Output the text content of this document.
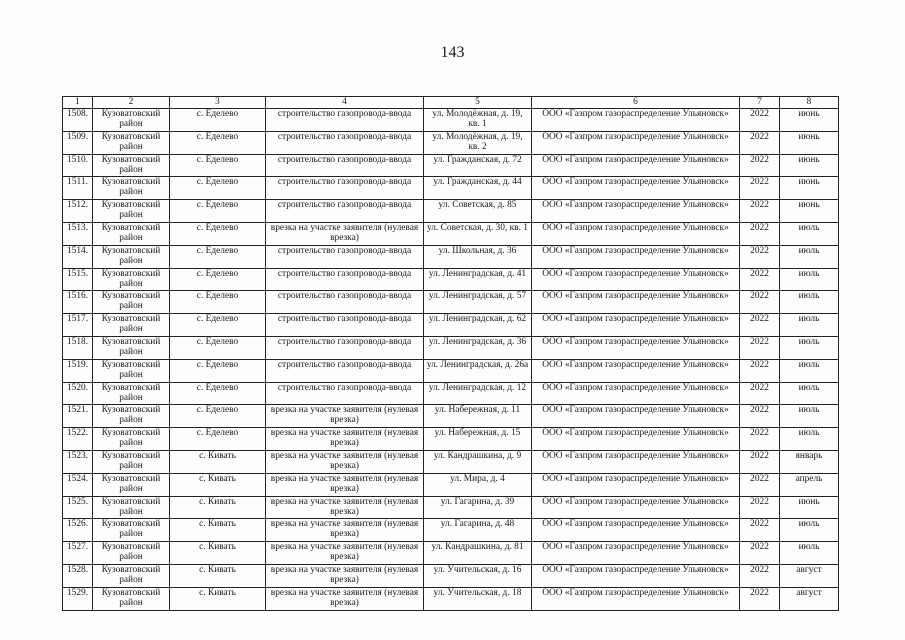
143
1	2	3	4	5	6	7	8
1508.	Кузоватовский район	с. Еделево	строительство газопровода-ввода	ул. Молодёжная, д. 19, кв. 1	ООО «Газпром газораспределение Ульяновск»	2022	июнь
1509.	Кузоватовский район	с. Еделево	строительство газопровода-ввода	ул. Молодёжная, д. 19, кв. 2	ООО «Газпром газораспределение Ульяновск»	2022	июнь
1510.	Кузоватовский район	с. Еделево	строительство газопровода-ввода	ул. Гражданская, д. 72	ООО «Газпром газораспределение Ульяновск»	2022	июнь
1511.	Кузоватовский район	с. Еделево	строительство газопровода-ввода	ул. Гражданская, д. 44	ООО «Газпром газораспределение Ульяновск»	2022	июнь
1512.	Кузоватовский район	с. Еделево	строительство газопровода-ввода	ул. Советская, д. 85	ООО «Газпром газораспределение Ульяновск»	2022	июнь
1513.	Кузоватовский район	с. Еделево	врезка на участке заявителя (нулевая врезка)	ул. Советская, д. 30, кв. 1	ООО «Газпром газораспределение Ульяновск»	2022	июль
1514.	Кузоватовский район	с. Еделево	строительство газопровода-ввода	ул. Школьная, д. 36	ООО «Газпром газораспределение Ульяновск»	2022	июль
1515.	Кузоватовский район	с. Еделево	строительство газопровода-ввода	ул. Ленинградская, д. 41	ООО «Газпром газораспределение Ульяновск»	2022	июль
1516.	Кузоватовский район	с. Еделево	строительство газопровода-ввода	ул. Ленинградская, д. 57	ООО «Газпром газораспределение Ульяновск»	2022	июль
1517.	Кузоватовский район	с. Еделево	строительство газопровода-ввода	ул. Ленинградская, д. 62	ООО «Газпром газораспределение Ульяновск»	2022	июль
1518.	Кузоватовский район	с. Еделево	строительство газопровода-ввода	ул. Ленинградская, д. 36	ООО «Газпром газораспределение Ульяновск»	2022	июль
1519.	Кузоватовский район	с. Еделево	строительство газопровода-ввода	ул. Ленинградская, д. 26а	ООО «Газпром газораспределение Ульяновск»	2022	июль
1520.	Кузоватовский район	с. Еделево	строительство газопровода-ввода	ул. Ленинградская, д. 12	ООО «Газпром газораспределение Ульяновск»	2022	июль
1521.	Кузоватовский район	с. Еделево	врезка на участке заявителя (нулевая врезка)	ул. Набережная, д. 11	ООО «Газпром газораспределение Ульяновск»	2022	июль
1522.	Кузоватовский район	с. Еделево	врезка на участке заявителя (нулевая врезка)	ул. Набережная, д. 15	ООО «Газпром газораспределение Ульяновск»	2022	июль
1523.	Кузоватовский район	с. Кивать	врезка на участке заявителя (нулевая врезка)	ул. Кандрашкина, д. 9	ООО «Газпром газораспределение Ульяновск»	2022	январь
1524.	Кузоватовский район	с. Кивать	врезка на участке заявителя (нулевая врезка)	ул. Мира, д. 4	ООО «Газпром газораспределение Ульяновск»	2022	апрель
1525.	Кузоватовский район	с. Кивать	врезка на участке заявителя (нулевая врезка)	ул. Гагарина, д. 39	ООО «Газпром газораспределение Ульяновск»	2022	июнь
1526.	Кузоватовский район	с. Кивать	врезка на участке заявителя (нулевая врезка)	ул. Гагарина, д. 48	ООО «Газпром газораспределение Ульяновск»	2022	июль
1527.	Кузоватовский район	с. Кивать	врезка на участке заявителя (нулевая врезка)	ул. Кандрашкина, д. 81	ООО «Газпром газораспределение Ульяновск»	2022	июль
1528.	Кузоватовский район	с. Кивать	врезка на участке заявителя (нулевая врезка)	ул. Учительская, д. 16	ООО «Газпром газораспределение Ульяновск»	2022	август
1529.	Кузоватовский район	с. Кивать	врезка на участке заявителя (нулевая врезка)	ул. Учительская, д. 18	ООО «Газпром газораспределение Ульяновск»	2022	август
